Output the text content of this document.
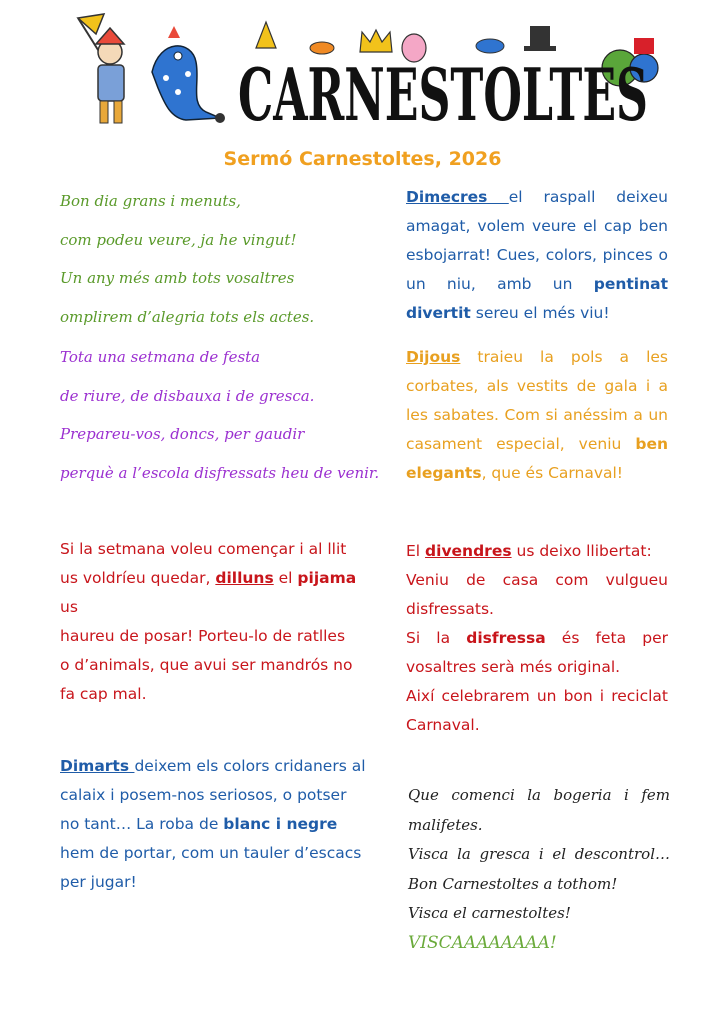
CARNESTOLTES
Sermó Carnestoltes, 2026

Bon dia grans i menuts,

com podeu veure, ja he vingut!

Un any més amb tots vosaltres

omplirem d’alegria tots els actes.

Tota una setmana de festa

de riure, de disbauxa i de gresca.

Prepareu-vos, doncs, per gaudir

perquè a l’escola disfressats heu de venir.

Si la setmana voleu començar i al llit

us voldríeu quedar, dilluns el pijama us

haureu de posar! Porteu-lo de ratlles

o d’animals, que avui ser mandrós no

fa cap mal.

Dimarts deixem els colors cridaners al calaix i posem-nos seriosos, o potser no tant… La roba de blanc i negre hem de portar, com un tauler d’escacs per jugar!

Dimecres el raspall deixeu amagat, volem veure el cap ben esbojarrat! Cues, colors, pinces o un niu, amb un pentinat divertit sereu el més viu!

Dijous traieu la pols a les corbates, als vestits de gala i a les sabates. Com si anéssim a un casament especial, veniu ben elegants, que és Carnaval!

El divendres us deixo llibertat:

Veniu de casa com vulgueu disfressats.

Si la disfressa és feta per vosaltres serà més original.

Així celebrarem un bon i reciclat Carnaval.

Que comenci la bogeria i fem malifetes.

Visca la gresca i el descontrol… Bon Carnestoltes a tothom!

Visca el carnestoltes!

VISCAAAAAAAA!
